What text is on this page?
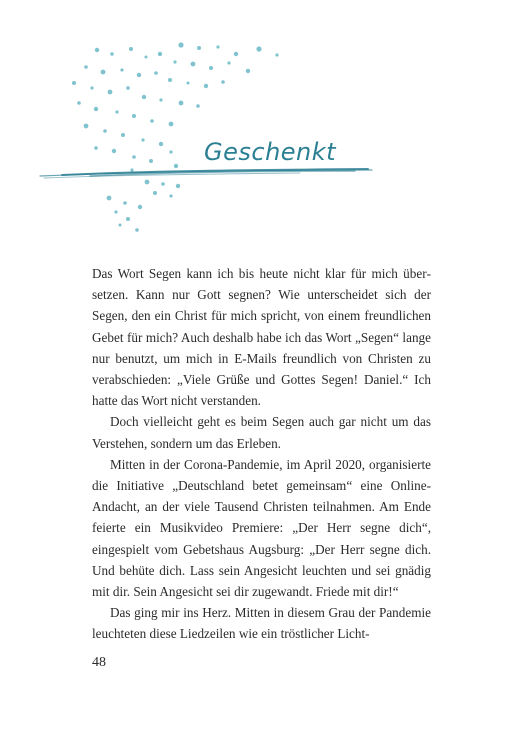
Geschenkt

Das Wort Segen kann ich bis heute nicht klar für mich übersetzen. Kann nur Gott segnen? Wie unterscheidet sich der Segen, den ein Christ für mich spricht, von einem freundlichen Gebet für mich? Auch deshalb habe ich das Wort „Segen“ lange nur benutzt, um mich in E-Mails freundlich von Christen zu verabschieden: „Viele Grüße und Gottes Segen! Daniel.“ Ich hatte das Wort nicht verstanden.

Doch vielleicht geht es beim Segen auch gar nicht um das Verstehen, sondern um das Erleben.

Mitten in der Corona-Pandemie, im April 2020, organisierte die Initiative „Deutschland betet gemeinsam“ eine Online-Andacht, an der viele Tausend Christen teilnahmen. Am Ende feierte ein Musikvideo Premiere: „Der Herr segne dich“, eingespielt vom Gebetshaus Augsburg: „Der Herr segne dich. Und behüte dich. Lass sein Angesicht leuchten und sei gnädig mit dir. Sein Angesicht sei dir zugewandt. Friede mit dir!“

Das ging mir ins Herz. Mitten in diesem Grau der Pandemie leuchteten diese Liedzeilen wie ein tröstlicher Licht-

48
